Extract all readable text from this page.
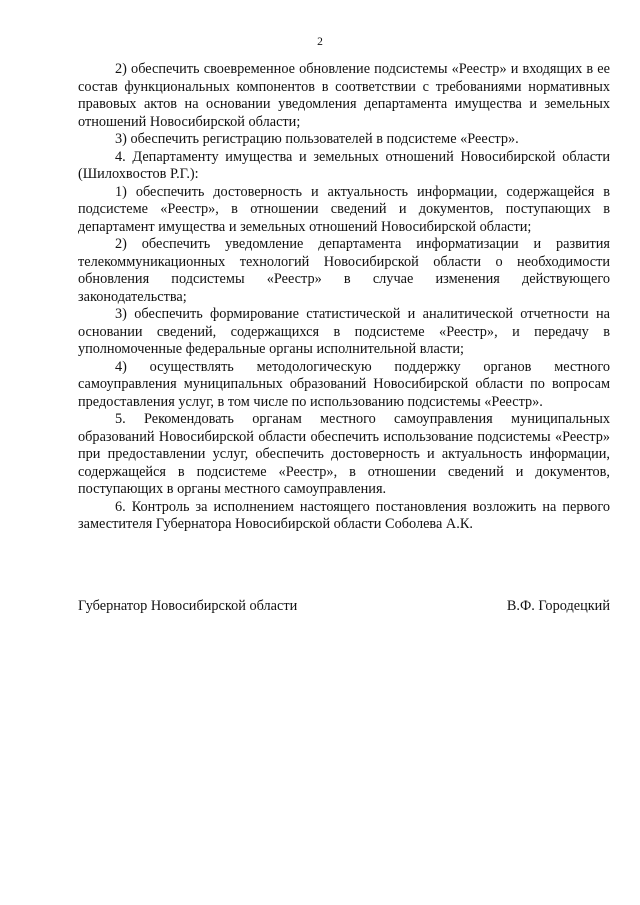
2

2) обеспечить своевременное обновление подсистемы «Реестр» и входящих в ее состав функциональных компонентов в соответствии с требованиями нормативных правовых актов на основании уведомления департамента имущества и земельных отношений Новосибирской области;

3) обеспечить регистрацию пользователей в подсистеме «Реестр».

4. Департаменту имущества и земельных отношений Новосибирской области (Шилохвостов Р.Г.):

1) обеспечить достоверность и актуальность информации, содержащейся в подсистеме «Реестр», в отношении сведений и документов, поступающих в департамент имущества и земельных отношений Новосибирской области;

2) обеспечить уведомление департамента информатизации и развития телекоммуникационных технологий Новосибирской области о необходимости обновления подсистемы «Реестр» в случае изменения действующего законодательства;

3) обеспечить формирование статистической и аналитической отчетности на основании сведений, содержащихся в подсистеме «Реестр», и передачу в уполномоченные федеральные органы исполнительной власти;

4) осуществлять методологическую поддержку органов местного самоуправления муниципальных образований Новосибирской области по вопросам предоставления услуг, в том числе по использованию подсистемы «Реестр».

5. Рекомендовать органам местного самоуправления муниципальных образований Новосибирской области обеспечить использование подсистемы «Реестр» при предоставлении услуг, обеспечить достоверность и актуальность информации, содержащейся в подсистеме «Реестр», в отношении сведений и документов, поступающих в органы местного самоуправления.

6. Контроль за исполнением настоящего постановления возложить на первого заместителя Губернатора Новосибирской области Соболева А.К.

Губернатор Новосибирской области	В.Ф. Городецкий
